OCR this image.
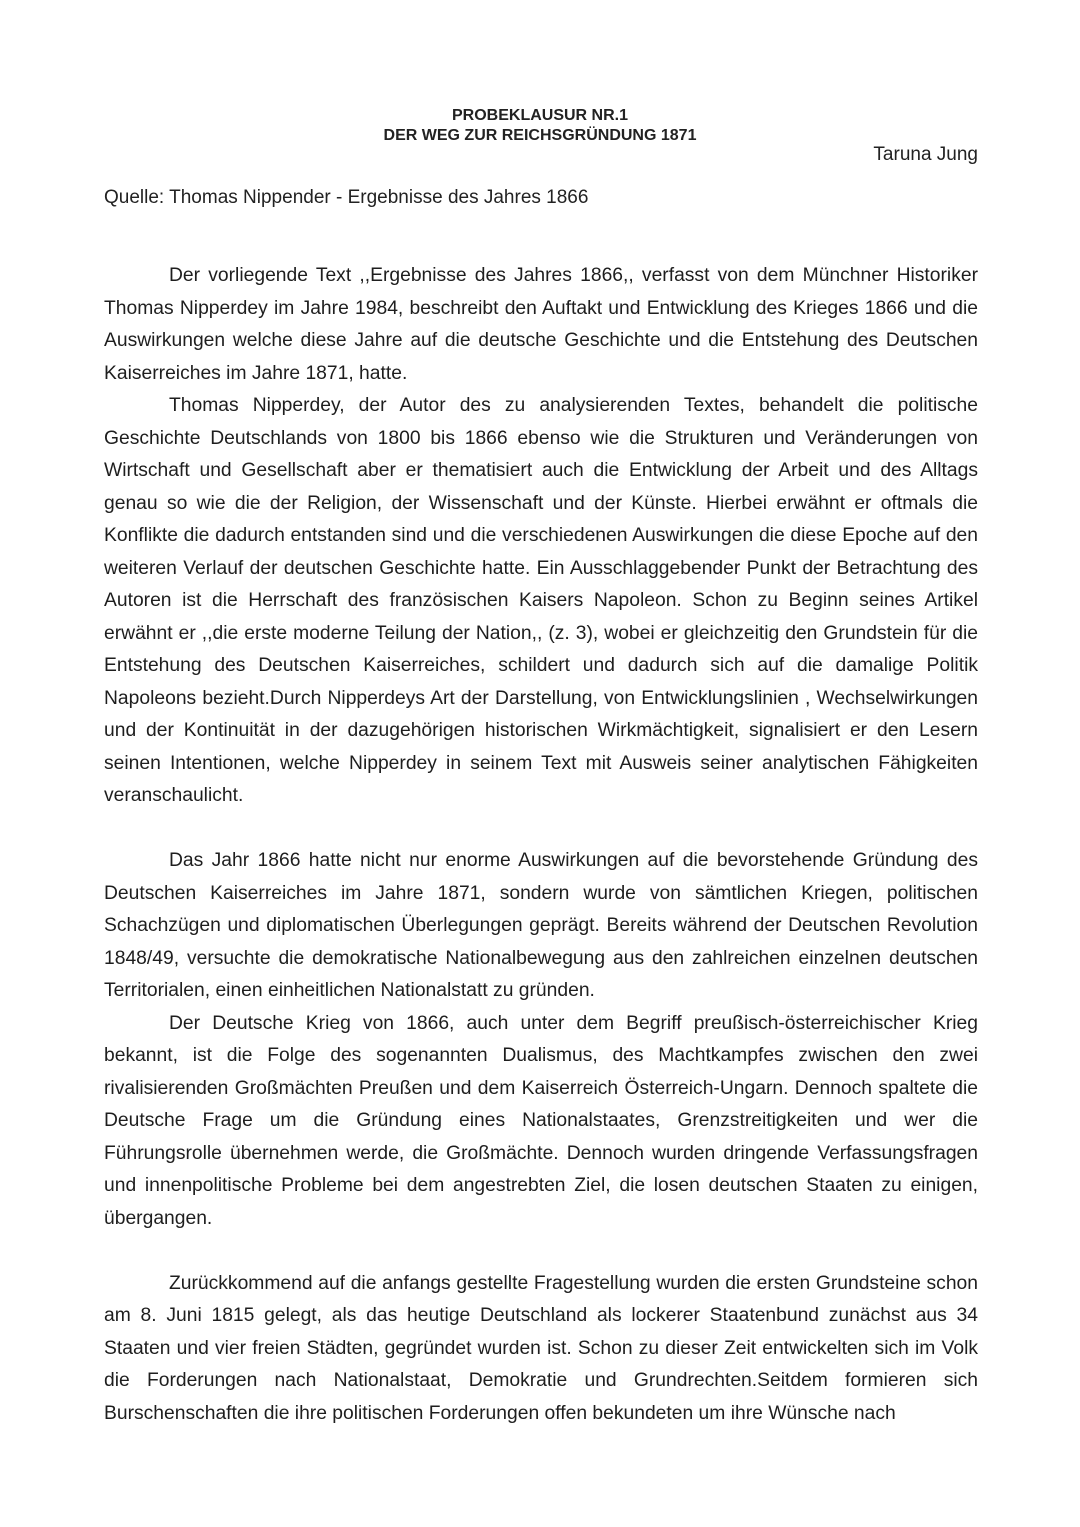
PROBEKLAUSUR NR.1
DER WEG ZUR REICHSGRÜNDUNG 1871
Taruna Jung
Quelle: Thomas Nippender - Ergebnisse des Jahres 1866

Der vorliegende Text ,,Ergebnisse des Jahres 1866,, verfasst von dem Münchner Historiker Thomas Nipperdey im Jahre 1984, beschreibt den Auftakt und Entwicklung des Krieges 1866 und die Auswirkungen welche diese Jahre auf die deutsche Geschichte und die Entstehung des Deutschen Kaiserreiches im Jahre 1871, hatte.

Thomas Nipperdey, der Autor des zu analysierenden Textes, behandelt die politische Geschichte Deutschlands von 1800 bis 1866 ebenso wie die Strukturen und Veränderungen von Wirtschaft und Gesellschaft aber er thematisiert auch die Entwicklung der Arbeit und des Alltags genau so wie die der Religion, der Wissenschaft und der Künste. Hierbei erwähnt er oftmals die Konflikte die dadurch entstanden sind und die verschiedenen Auswirkungen die diese Epoche auf den weiteren Verlauf der deutschen Geschichte hatte. Ein Ausschlaggebender Punkt der Betrachtung des Autoren ist die Herrschaft des französischen Kaisers Napoleon. Schon zu Beginn seines Artikel erwähnt er ,,die erste moderne Teilung der Nation,, (z. 3), wobei er gleichzeitig den Grundstein für die Entstehung des Deutschen Kaiserreiches, schildert und dadurch sich auf die damalige Politik Napoleons bezieht.Durch Nipperdeys Art der Darstellung, von Entwicklungslinien , Wechselwirkungen und der Kontinuität in der dazugehörigen historischen Wirkmächtigkeit, signalisiert er den Lesern seinen Intentionen, welche Nipperdey in seinem Text mit Ausweis seiner analytischen Fähigkeiten veranschaulicht.

Das Jahr 1866 hatte nicht nur enorme Auswirkungen auf die bevorstehende Gründung des Deutschen Kaiserreiches im Jahre 1871, sondern wurde von sämtlichen Kriegen, politischen Schachzügen und diplomatischen Überlegungen geprägt. Bereits während der Deutschen Revolution 1848/49, versuchte die demokratische Nationalbewegung aus den zahlreichen einzelnen deutschen Territorialen, einen einheitlichen Nationalstatt zu gründen.

Der Deutsche Krieg von 1866, auch unter dem Begriff preußisch-österreichischer Krieg bekannt, ist die Folge des sogenannten Dualismus, des Machtkampfes zwischen den zwei rivalisierenden Großmächten Preußen und dem Kaiserreich Österreich-Ungarn. Dennoch spaltete die Deutsche Frage um die Gründung eines Nationalstaates, Grenzstreitigkeiten und wer die Führungsrolle übernehmen werde, die Großmächte. Dennoch wurden dringende Verfassungsfragen und innenpolitische Probleme bei dem angestrebten Ziel, die losen deutschen Staaten zu einigen, übergangen.

Zurückkommend auf die anfangs gestellte Fragestellung wurden die ersten Grundsteine schon am 8. Juni 1815 gelegt, als das heutige Deutschland als lockerer Staatenbund zunächst aus 34 Staaten und vier freien Städten, gegründet wurden ist. Schon zu dieser Zeit entwickelten sich im Volk die Forderungen nach Nationalstaat, Demokratie und Grundrechten.Seitdem formieren sich Burschenschaften die ihre politischen Forderungen offen bekundeten um ihre Wünsche nach
